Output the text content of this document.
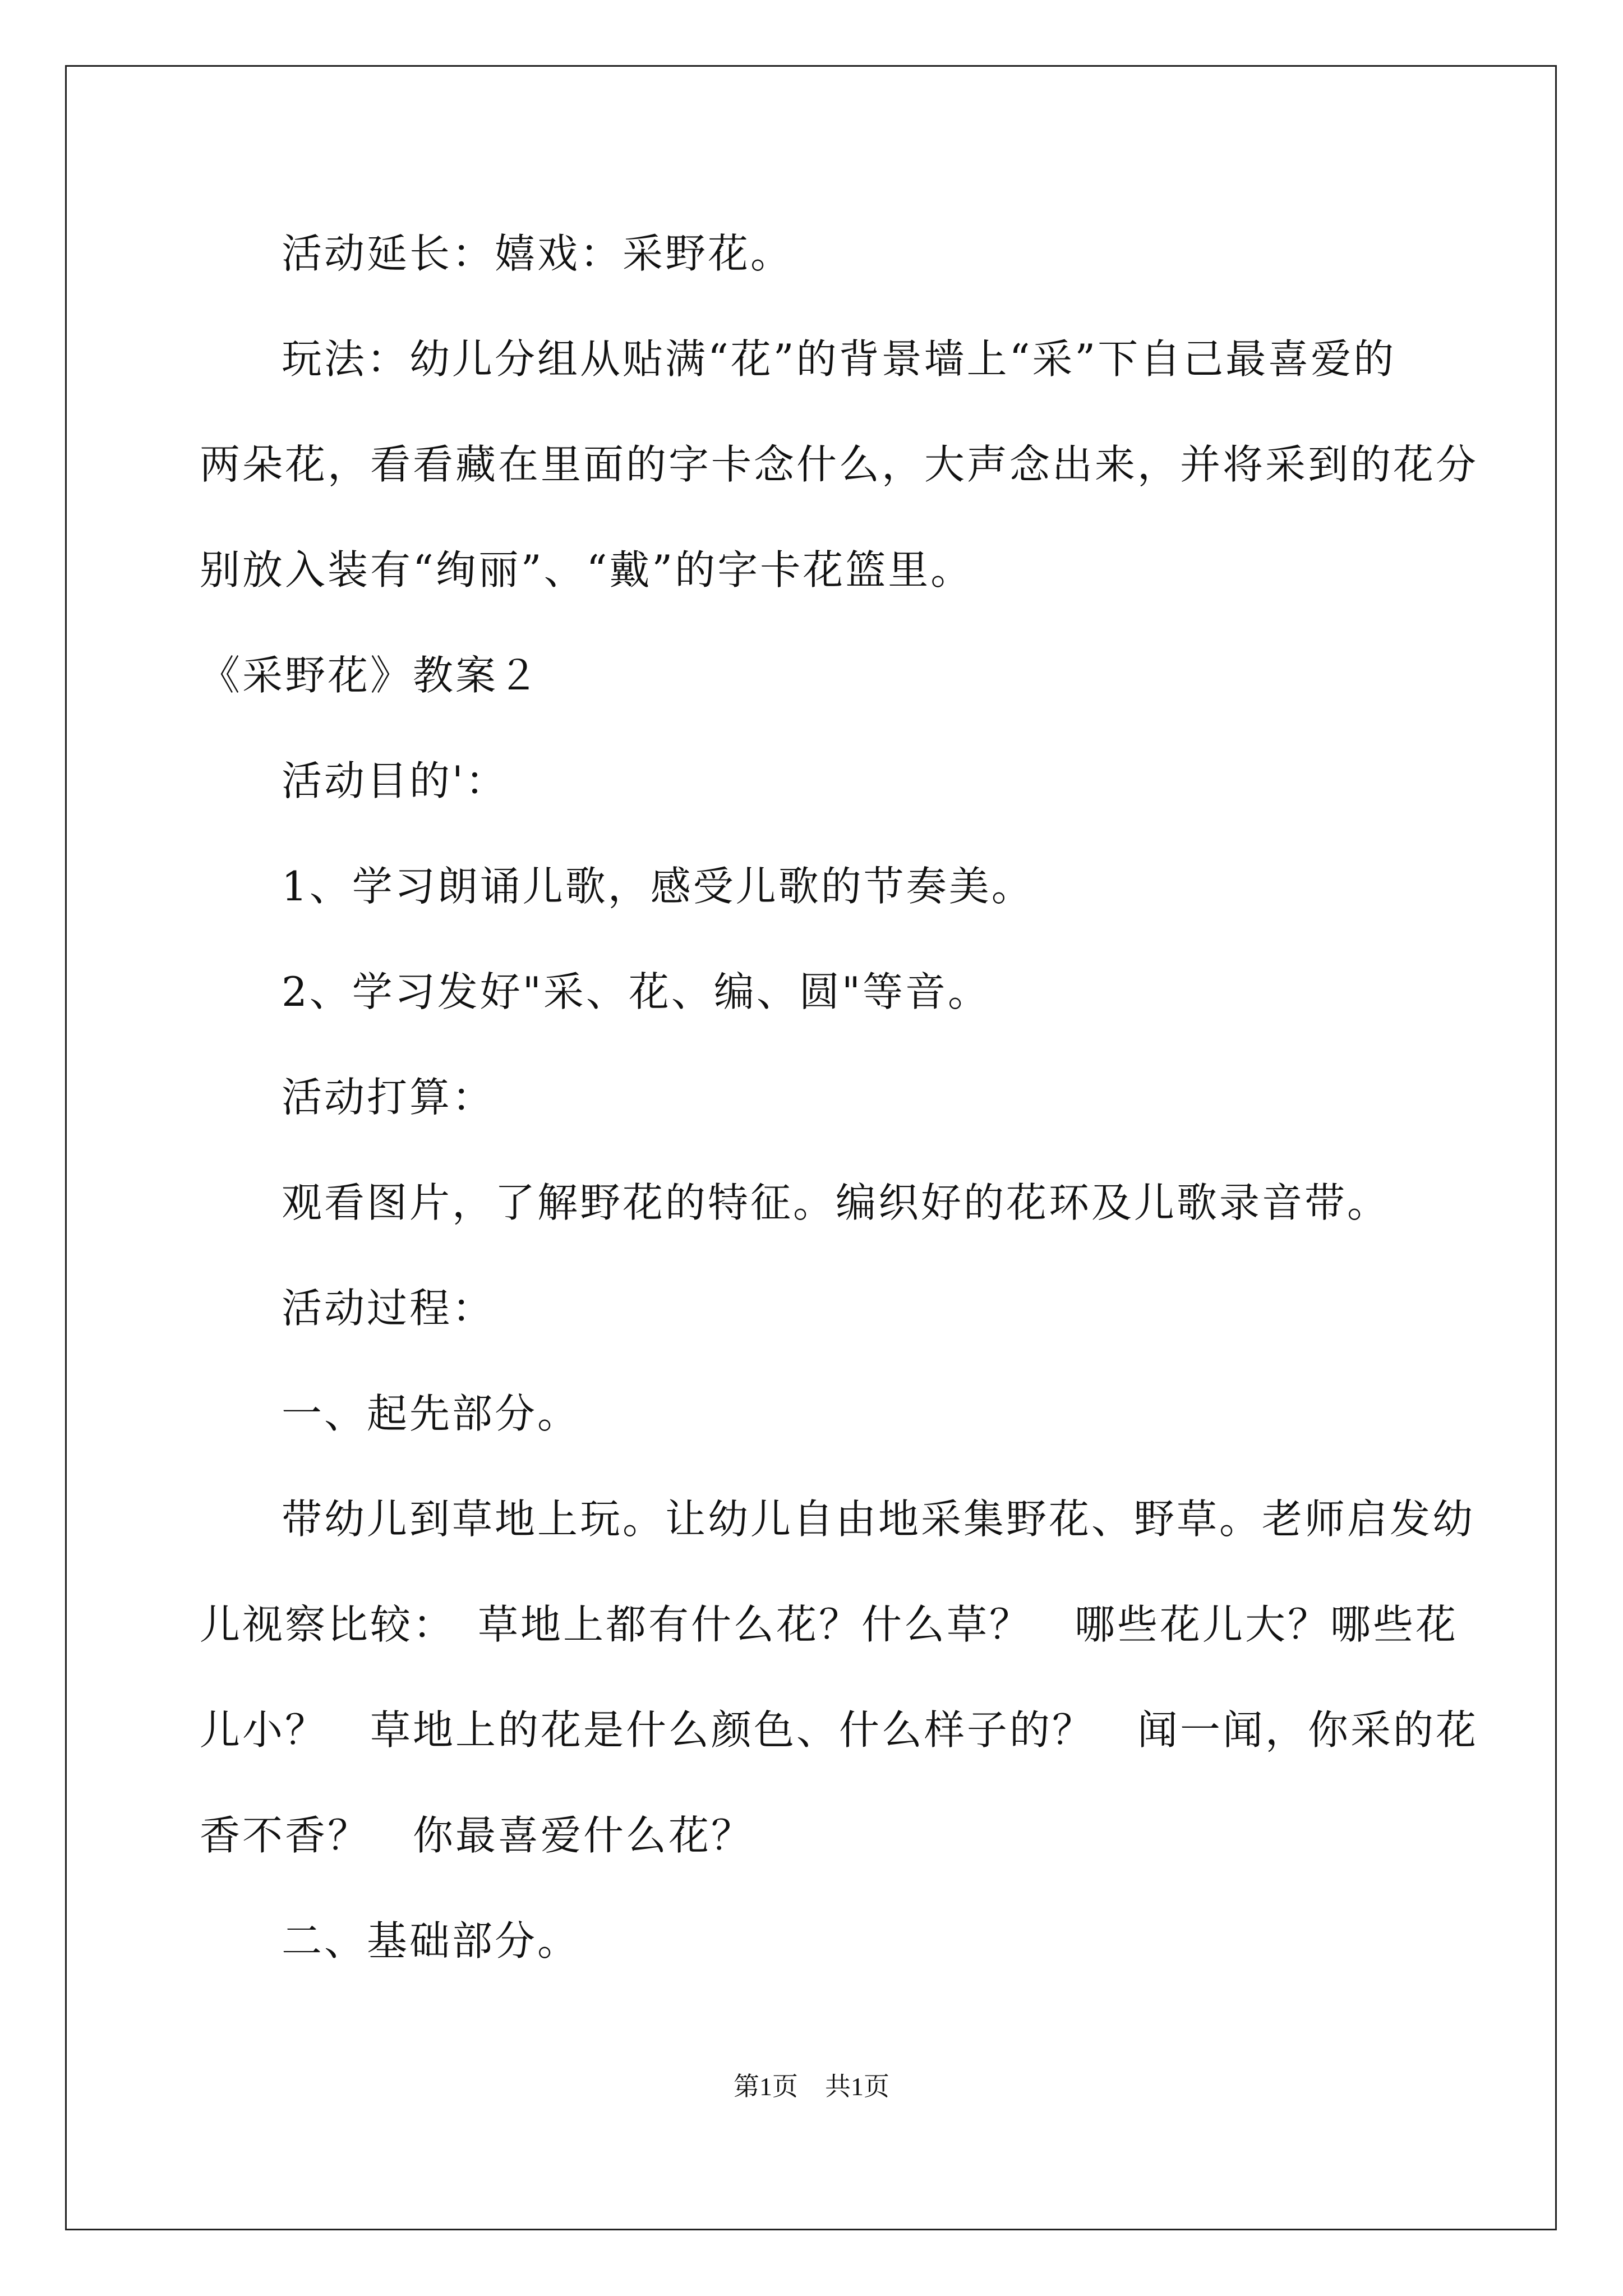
活动延长：嬉戏：采野花。
玩法：幼儿分组从贴满“花”的背景墙上“采”下自己最喜爱的
两朵花，看看藏在里面的字卡念什么，大声念出来，并将采到的花分
别放入装有“绚丽”、“戴”的字卡花篮里。
《采野花》教案２
活动目的'：
1、学习朗诵儿歌，感受儿歌的节奏美。
2、学习发好"采、花、编、圆"等音。
活动打算：
观看图片，了解野花的特征。编织好的花环及儿歌录音带。
活动过程：
一、起先部分。
带幼儿到草地上玩。让幼儿自由地采集野花、野草。老师启发幼
儿视察比较：　草地上都有什么花？什么草？　哪些花儿大？哪些花
儿小？　草地上的花是什么颜色、什么样子的？　闻一闻，你采的花
香不香？　你最喜爱什么花？
二、基础部分。
第1页 共1页
